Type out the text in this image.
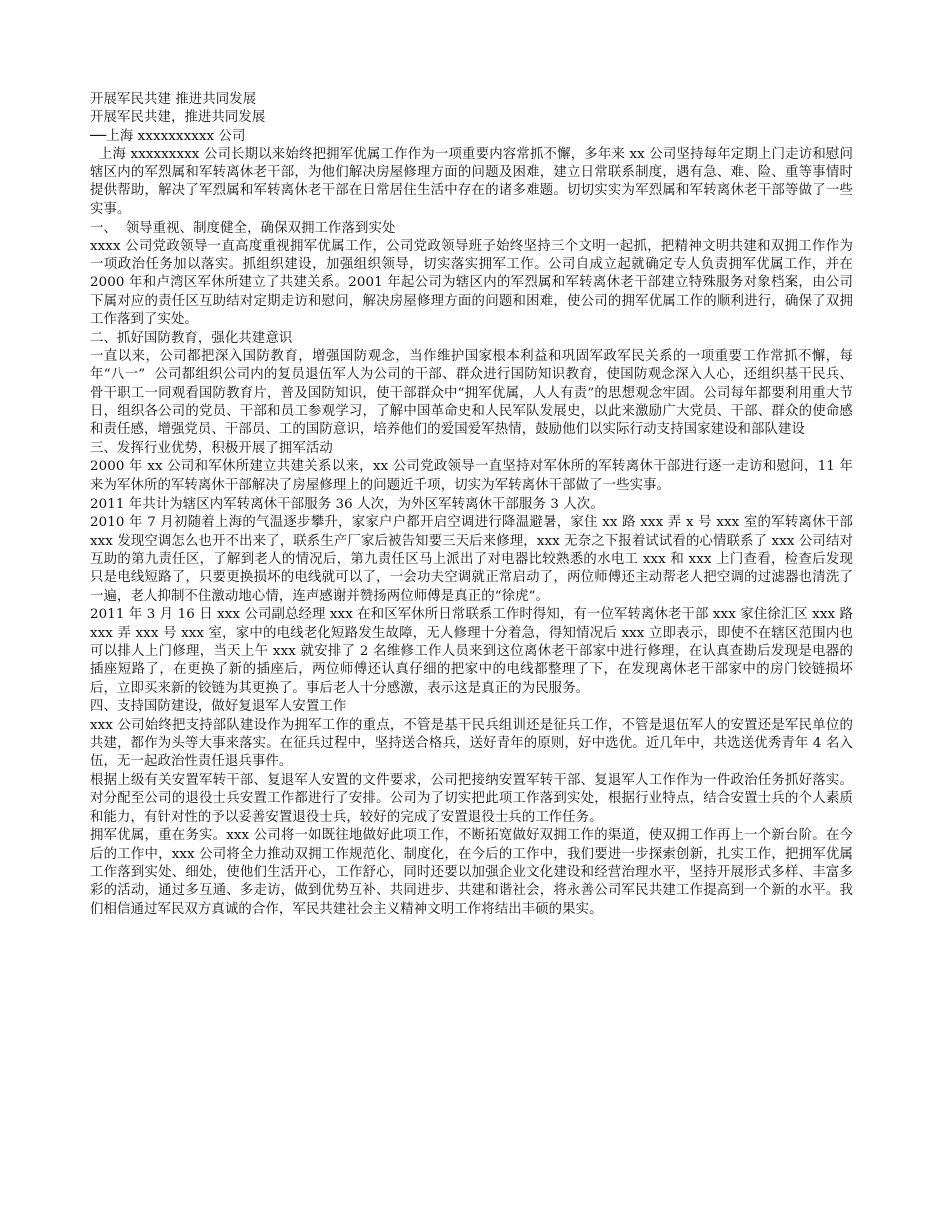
开展军民共建 推进共同发展

开展军民共建，推进共同发展

──上海 xxxxxxxxxx 公司

上海 xxxxxxxxx 公司长期以来始终把拥军优属工作作为一项重要内容常抓不懈，多年来 xx 公司坚持每年定期上门走访和慰问辖区内的军烈属和军转离休老干部，为他们解决房屋修理方面的问题及困难，建立日常联系制度，遇有急、难、险、重等事情时提供帮助，解决了军烈属和军转离休老干部在日常居住生活中存在的诸多难题。切切实实为军烈属和军转离休老干部等做了一些实事。

一、  领导重视、制度健全，确保双拥工作落到实处

xxxx 公司党政领导一直高度重视拥军优属工作，公司党政领导班子始终坚持三个文明一起抓，把精神文明共建和双拥工作作为一项政治任务加以落实。抓组织建设，加强组织领导，切实落实拥军工作。公司自成立起就确定专人负责拥军优属工作，并在 2000 年和卢湾区军休所建立了共建关系。2001 年起公司为辖区内的军烈属和军转离休老干部建立特殊服务对象档案，由公司下属对应的责任区互助结对定期走访和慰问，解决房屋修理方面的问题和困难，使公司的拥军优属工作的顺利进行，确保了双拥工作落到了实处。

二、抓好国防教育，强化共建意识

一直以来，公司都把深入国防教育，增强国防观念，当作维护国家根本利益和巩固军政军民关系的一项重要工作常抓不懈，每年“八一”  公司都组织公司内的复员退伍军人为公司的干部、群众进行国防知识教育，使国防观念深入人心，还组织基干民兵、骨干职工一同观看国防教育片，普及国防知识，使干部群众中“拥军优属，人人有责”的思想观念牢固。公司每年都要利用重大节日，组织各公司的党员、干部和员工参观学习，了解中国革命史和人民军队发展史，以此来激励广大党员、干部、群众的使命感和责任感，增强党员、干部员、工的国防意识，培养他们的爱国爱军热情，鼓励他们以实际行动支持国家建设和部队建设

三、发挥行业优势，积极开展了拥军活动

2000 年 xx 公司和军休所建立共建关系以来，xx 公司党政领导一直坚持对军休所的军转离休干部进行逐一走访和慰问，11 年来为军休所的军转离休干部解决了房屋修理上的问题近千项，切实为军转离休干部做了一些实事。

2011 年共计为辖区内军转离休干部服务 36 人次，为外区军转离休干部服务 3 人次。

2010 年 7 月初随着上海的气温逐步攀升，家家户户都开启空调进行降温避暑，家住 xx 路 xxx 弄 x 号 xxx 室的军转离休干部 xxx 发现空调怎么也开不出来了，联系生产厂家后被告知要三天后来修理，xxx 无奈之下报着试试看的心情联系了 xxx 公司结对互助的第九责任区，了解到老人的情况后，第九责任区马上派出了对电器比较熟悉的水电工 xxx 和 xxx 上门查看，检查后发现只是电线短路了，只要更换损坏的电线就可以了，一会功夫空调就正常启动了，两位师傅还主动帮老人把空调的过滤器也清洗了一遍，老人抑制不住激动地心情，连声感谢并赞扬两位师傅是真正的“徐虎”。

2011 年 3 月 16 日 xxx 公司副总经理 xxx 在和区军休所日常联系工作时得知，有一位军转离休老干部 xxx 家住徐汇区 xxx 路 xxx 弄 xxx 号 xxx 室，家中的电线老化短路发生故障，无人修理十分着急，得知情况后 xxx 立即表示，即使不在辖区范围内也可以排人上门修理，当天上午 xxx 就安排了 2 名维修工作人员来到这位离休老干部家中进行修理，在认真查勘后发现是电器的插座短路了，在更换了新的插座后，两位师傅还认真仔细的把家中的电线都整理了下，在发现离休老干部家中的房门铰链损坏后，立即买来新的铰链为其更换了。事后老人十分感激，表示这是真正的为民服务。

四、支持国防建设，做好复退军人安置工作

xxx 公司始终把支持部队建设作为拥军工作的重点，不管是基干民兵组训还是征兵工作，不管是退伍军人的安置还是军民单位的共建，都作为头等大事来落实。在征兵过程中，坚持送合格兵，送好青年的原则，好中选优。近几年中，共选送优秀青年 4 名入伍，无一起政治性责任退兵事件。

根据上级有关安置军转干部、复退军人安置的文件要求，公司把接纳安置军转干部、复退军人工作作为一件政治任务抓好落实。对分配至公司的退役士兵安置工作都进行了安排。公司为了切实把此项工作落到实处，根据行业特点，结合安置士兵的个人素质和能力，有针对性的予以妥善安置退役士兵，较好的完成了安置退役士兵的工作任务。

拥军优属，重在务实。xxx 公司将一如既往地做好此项工作，不断拓宽做好双拥工作的渠道，使双拥工作再上一个新台阶。在今后的工作中，xxx 公司将全力推动双拥工作规范化、制度化，在今后的工作中，我们要进一步探索创新，扎实工作，把拥军优属工作落到实处、细处，使他们生活开心，工作舒心，同时还要以加强企业文化建设和经营治理水平，坚持开展形式多样、丰富多彩的活动，通过多互通、多走访，做到优势互补、共同进步、共建和谐社会，将永善公司军民共建工作提高到一个新的水平。我们相信通过军民双方真诚的合作，军民共建社会主义精神文明工作将结出丰硕的果实。
